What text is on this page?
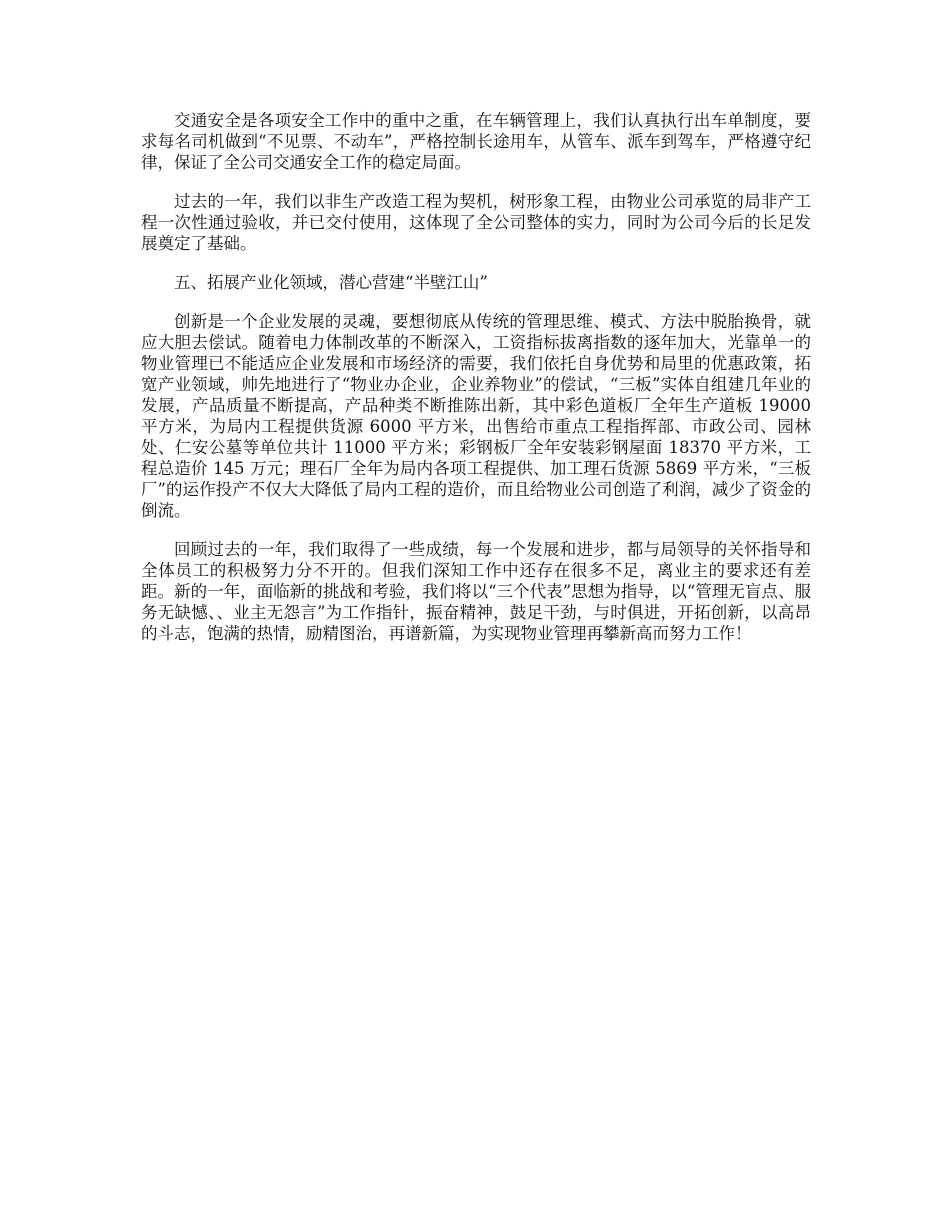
交通安全是各项安全工作中的重中之重，在车辆管理上，我们认真执行出车单制度，要求每名司机做到“不见票、不动车”，严格控制长途用车，从管车、派车到驾车，严格遵守纪律，保证了全公司交通安全工作的稳定局面。

过去的一年，我们以非生产改造工程为契机，树形象工程，由物业公司承览的局非产工程一次性通过验收，并已交付使用，这体现了全公司整体的实力，同时为公司今后的长足发展奠定了基础。

五、拓展产业化领域，潜心营建“半壁江山”

创新是一个企业发展的灵魂，要想彻底从传统的管理思维、模式、方法中脱胎换骨，就应大胆去偿试。随着电力体制改革的不断深入，工资指标拔离指数的逐年加大，光靠单一的物业管理已不能适应企业发展和市场经济的需要，我们依托自身优势和局里的优惠政策，拓宽产业领域，帅先地进行了“物业办企业，企业养物业”的偿试，“三板”实体自组建几年业的发展，产品质量不断提高，产品种类不断推陈出新，其中彩色道板厂全年生产道板 19000 平方米，为局内工程提供货源 6000 平方米，出售给市重点工程指挥部、市政公司、园林处、仁安公墓等单位共计 11000 平方米；彩钢板厂全年安装彩钢屋面 18370 平方米，工程总造价 145 万元；理石厂全年为局内各项工程提供、加工理石货源 5869 平方米，“三板厂”的运作投产不仅大大降低了局内工程的造价，而且给物业公司创造了利润，减少了资金的倒流。

回顾过去的一年，我们取得了一些成绩，每一个发展和进步，都与局领导的关怀指导和全体员工的积极努力分不开的。但我们深知工作中还存在很多不足，离业主的要求还有差距。新的一年，面临新的挑战和考验，我们将以“三个代表”思想为指导，以“管理无盲点、服务无缺憾、、业主无怨言”为工作指针，振奋精神，鼓足干劲，与时俱进，开拓创新，以高昂的斗志，饱满的热情，励精图治，再谱新篇，为实现物业管理再攀新高而努力工作！
